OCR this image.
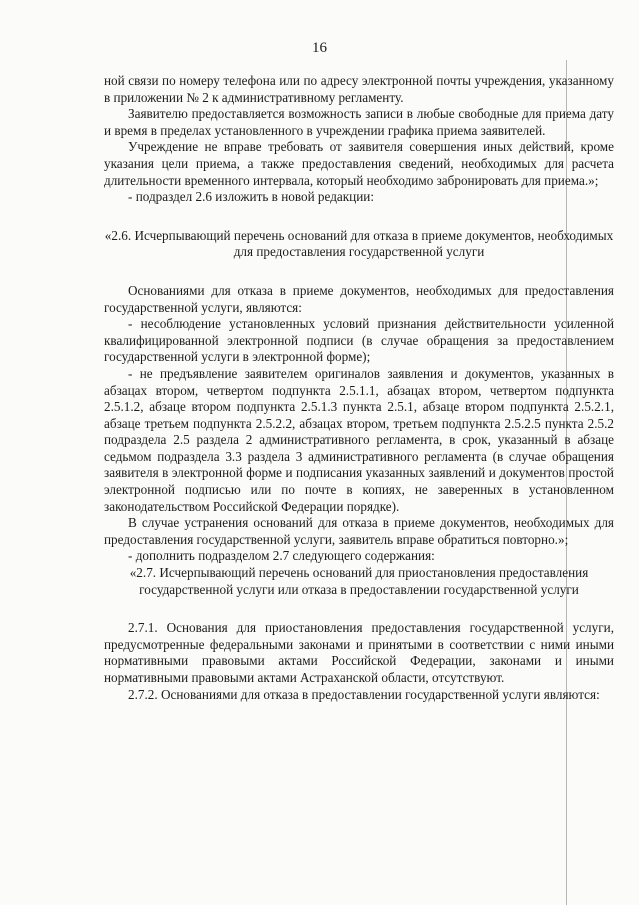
16

ной связи по номеру телефона или по адресу электронной почты учреждения, указанному в приложении № 2 к административному регламенту.

Заявителю предоставляется возможность записи в любые свободные для приема дату и время в пределах установленного в учреждении графика приема заявителей.

Учреждение не вправе требовать от заявителя совершения иных действий, кроме указания цели приема, а также предоставления сведений, необходимых для расчета длительности временного интервала, который необходимо забронировать для приема.»;

- подраздел 2.6 изложить в новой редакции:

«2.6. Исчерпывающий перечень оснований для отказа в приеме документов, необходимых для предоставления государственной услуги

Основаниями для отказа в приеме документов, необходимых для предоставления государственной услуги, являются:

- несоблюдение установленных условий признания действительности усиленной квалифицированной электронной подписи (в случае обращения за предоставлением государственной услуги в электронной форме);

- не предъявление заявителем оригиналов заявления и документов, указанных в абзацах втором, четвертом подпункта 2.5.1.1, абзацах втором, четвертом подпункта 2.5.1.2, абзаце втором подпункта 2.5.1.3 пункта 2.5.1, абзаце втором подпункта 2.5.2.1, абзаце третьем подпункта 2.5.2.2, абзацах втором, третьем подпункта 2.5.2.5 пункта 2.5.2 подраздела 2.5 раздела 2 административного регламента, в срок, указанный в абзаце седьмом подраздела 3.3 раздела 3 административного регламента (в случае обращения заявителя в электронной форме и подписания указанных заявлений и документов простой электронной подписью или по почте в копиях, не заверенных в установленном законодательством Российской Федерации порядке).

В случае устранения оснований для отказа в приеме документов, необходимых для предоставления государственной услуги, заявитель вправе обратиться повторно.»;

- дополнить подразделом 2.7 следующего содержания:

«2.7. Исчерпывающий перечень оснований для приостановления предоставления государственной услуги или отказа в предоставлении государственной услуги

2.7.1. Основания для приостановления предоставления государственной услуги, предусмотренные федеральными законами и принятыми в соответствии с ними иными нормативными правовыми актами Российской Федерации, законами и иными нормативными правовыми актами Астраханской области, отсутствуют.

2.7.2. Основаниями для отказа в предоставлении государственной услуги являются:
